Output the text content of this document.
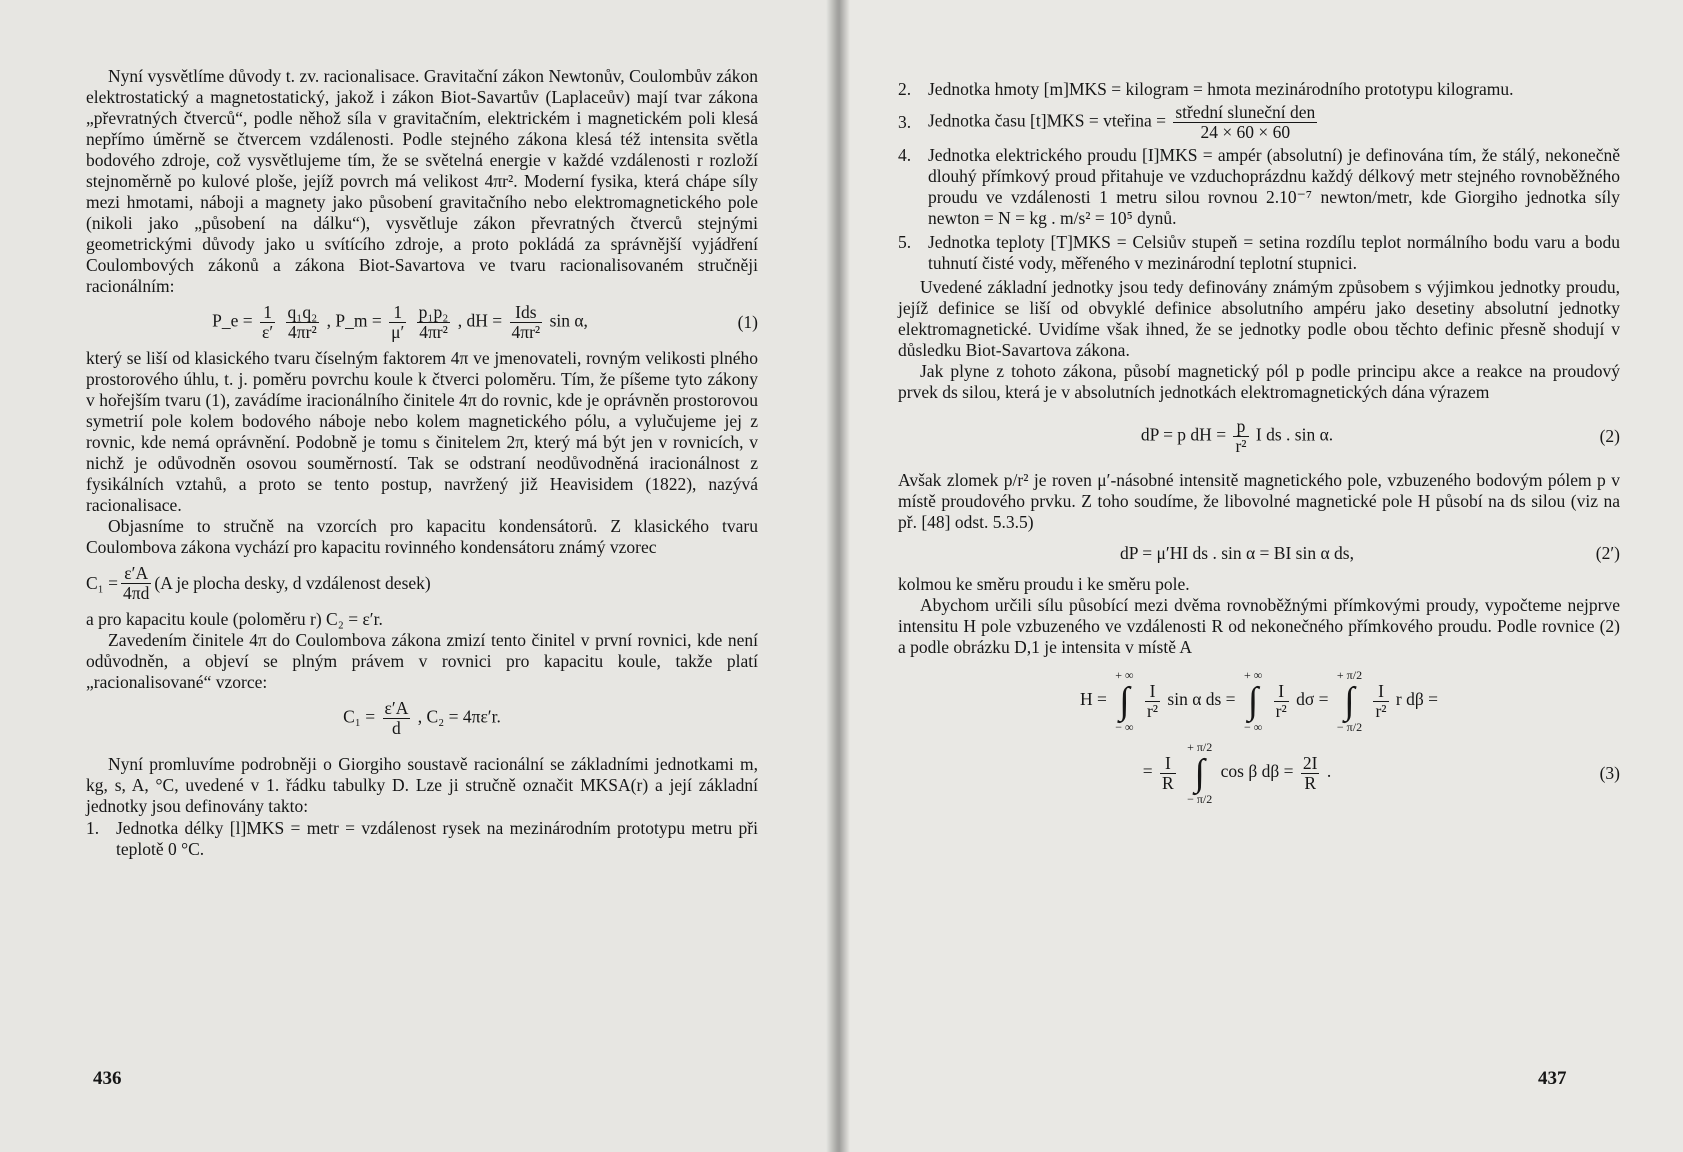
Nyní vysvětlíme důvody t. zv. racionalisace. Gravitační zákon Newtonův, Coulombův zákon elektrostatický a magnetostatický, jakož i zákon Biot-Savartův (Laplaceův) mají tvar zákona „převratných čtverců“, podle něhož síla v gravitačním, elektrickém i magnetickém poli klesá nepřímo úměrně se čtvercem vzdálenosti. Podle stejného zákona klesá též intensita světla bodového zdroje, což vysvětlujeme tím, že se světelná energie v každé vzdálenosti r rozloží stejnoměrně po kulové ploše, jejíž povrch má velikost 4πr². Moderní fysika, která chápe síly mezi hmotami, náboji a magnety jako působení gravitačního nebo elektromagnetického pole (nikoli jako „působení na dálku“), vysvětluje zákon převratných čtverců stejnými geometrickými důvody jako u svítícího zdroje, a proto pokládá za správnější vyjádření Coulombových zákonů a zákona Biot-Savartova ve tvaru racionalisovaném stručněji racionálním:

P_e = $\frac{1}{\varepsilon'}$
$\frac{\text{q₁q₂}}{\text{4πr²}}$ , P_m = $\frac{1}{\mu'}$
$\frac{\text{p₁p₂}}{\text{4πr²}}$ , dH = $\frac{\text{Ids}}{\text{4πr²}}$ sin α,	(1)

který se liší od klasického tvaru číselným faktorem 4π ve jmenovateli, rovným velikosti plného prostorového úhlu, t. j. poměru povrchu koule k čtverci poloměru. Tím, že píšeme tyto zákony v hořejším tvaru (1), zavádíme iracionálního činitele 4π do rovnic, kde je oprávněn prostorovou symetrií pole kolem bodového náboje nebo kolem magnetického pólu, a vylučujeme jej z rovnic, kde nemá oprávnění. Podobně je tomu s činitelem 2π, který má být jen v rovnicích, v nichž je odůvodněn osovou souměrností. Tak se odstraní neodůvodněná iracionálnost z fysikálních vztahů, a proto se tento postup, navržený již Heavisidem (1822), nazývá racionalisace.

Objasníme to stručně na vzorcích pro kapacitu kondensátorů. Z klasického tvaru Coulombova zákona vychází pro kapacitu rovinného kondensátoru známý vzorec

$C_1 = \frac{\varepsilon'A}{4\pi d} (A$ je plocha desky, d vzdálenost desek)

a pro kapacitu koule (poloměru r) C₂ = ε′r.

Zavedením činitele 4π do Coulombova zákona zmizí tento činitel v první rovnici, kde není odůvodněn, a objeví se plným právem v rovnici pro kapacitu koule, takže platí „racionalisované“ vzorce:

$C_1 = \frac{\varepsilon'A}{d}$ , C₂ = 4πε′r.

Nyní promluvíme podrobněji o Giorgiho soustavě racionální se základními jednotkami m, kg, s, A, °C, uvedené v 1. řádku tabulky D. Lze ji stručně označit MKSA(r) a její základní jednotky jsou definovány takto:

1. Jednotka délky [l]MKS = metr = vzdálenost rysek na mezinárodním prototypu metru při teplotě 0 °C.
436
2. Jednotka hmoty [m]MKS = kilogram = hmota mezinárodního prototypu kilogramu.
3. Jednotka času [t]MKS = vteřina = $\frac{\text{střední sluneční den}}{24 \times 60 \times 60}$
4. Jednotka elektrického proudu [I]MKS = ampér (absolutní) je definována tím, že stálý, nekonečně dlouhý přímkový proud přitahuje ve vzduchoprázdnu každý délkový metr stejného rovnoběžného proudu ve vzdálenosti 1 metru silou rovnou 2.10⁻⁷ newton/metr, kde Giorgiho jednotka síly newton = N = kg . m/s² = 10⁵ dynů.
5. Jednotka teploty [T]MKS = Celsiův stupeň = setina rozdílu teplot normálního bodu varu a bodu tuhnutí čisté vody, měřeného v mezinárodní teplotní stupnici.

Uvedené základní jednotky jsou tedy definovány známým způsobem s výjimkou jednotky proudu, jejíž definice se liší od obvyklé definice absolutního ampéru jako desetiny absolutní jednotky elektromagnetické. Uvidíme však ihned, že se jednotky podle obou těchto definic přesně shodují v důsledku Biot-Savartova zákona.

Jak plyne z tohoto zákona, působí magnetický pól p podle principu akce a reakce na proudový prvek ds silou, která je v absolutních jednotkách elektromagnetických dána výrazem

dP = p dH = $\frac{p}{\text{r²}}$ I ds . sin α.	(2)

Avšak zlomek p/r² je roven μ′-násobné intensitě magnetického pole, vzbuzeného bodovým pólem p v místě proudového prvku. Z toho soudíme, že libovolné magnetické pole H působí na ds silou (viz na př. [48] odst. 5.3.5)

dP = μ′HI ds . sin α = BI sin α ds,	(2′)

kolmou ke směru proudu i ke směru pole.

Abychom určili sílu působící mezi dvěma rovnoběžnými přímkovými proudy, vypočteme nejprve intensitu H pole vzbuzeného ve vzdálenosti R od nekonečného přímkového proudu. Podle rovnice (2) a podle obrázku D,1 je intensita v místě A

H =
+ ∞
∫
− ∞

$\frac{I}{\text{r²}}$ sin α ds =
+ ∞
∫
− ∞

$\frac{I}{\text{r²}}$ dσ =
+ π/2
∫
− π/2

$\frac{I}{\text{r²}}$ r dβ =
= $\frac{I}{R}$

+ π/2
∫
− π/2
cos β $d\beta = \frac{2I}{R}$ .	(3)
437
